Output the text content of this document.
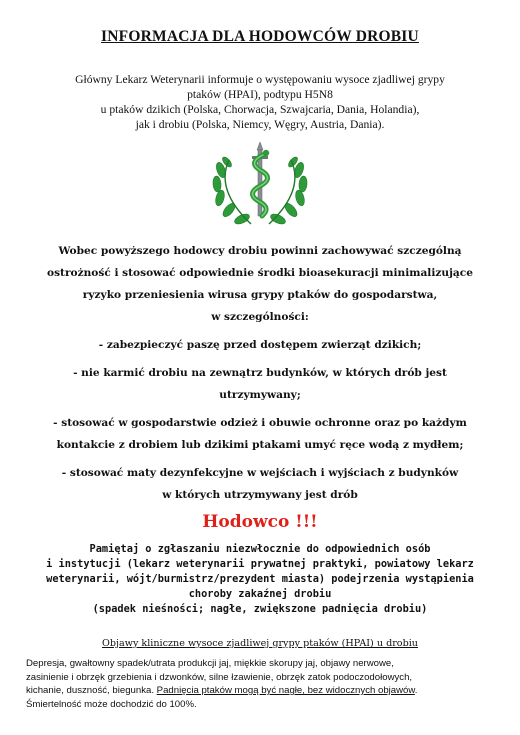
INFORMACJA DLA HODOWCÓW DROBIU
Główny Lekarz Weterynarii informuje o występowaniu wysoce zjadliwej grypy
ptaków (HPAI), podtypu H5N8
u ptaków dzikich (Polska, Chorwacja, Szwajcaria, Dania, Holandia),
jak i drobiu (Polska, Niemcy, Węgry, Austria, Dania).
Wobec powyższego hodowcy drobiu powinni zachowywać szczególną
ostrożność i stosować odpowiednie środki bioasekuracji minimalizujące
ryzyko przeniesienia wirusa grypy ptaków do gospodarstwa,
w szczególności:
- zabezpieczyć paszę przed dostępem zwierząt dzikich;
- nie karmić drobiu na zewnątrz budynków, w których drób jest
utrzymywany;
- stosować w gospodarstwie odzież i obuwie ochronne oraz po każdym
kontakcie z drobiem lub dzikimi ptakami umyć ręce wodą z mydłem;
- stosować maty dezynfekcyjne w wejściach i wyjściach z budynków
w których utrzymywany jest drób
Hodowco !!!
Pamiętaj o zgłaszaniu niezwłocznie do odpowiednich osób
i instytucji (lekarz weterynarii prywatnej praktyki, powiatowy lekarz
weterynarii, wójt/burmistrz/prezydent miasta) podejrzenia wystąpienia
choroby zakaźnej drobiu
(spadek nieśności; nagłe, zwiększone padnięcia drobiu)
Objawy kliniczne wysoce zjadliwej grypy ptaków (HPAI) u drobiu
Depresja, gwałtowny spadek/utrata produkcji jaj, miękkie skorupy jaj, objawy nerwowe,
zasinienie i obrzęk grzebienia i dzwonków, silne łzawienie, obrzęk zatok podoczodołowych,
kichanie, duszność, biegunka. Padnięcia ptaków mogą być nagłe, bez widocznych objawów.
Śmiertelność może dochodzić do 100%.
